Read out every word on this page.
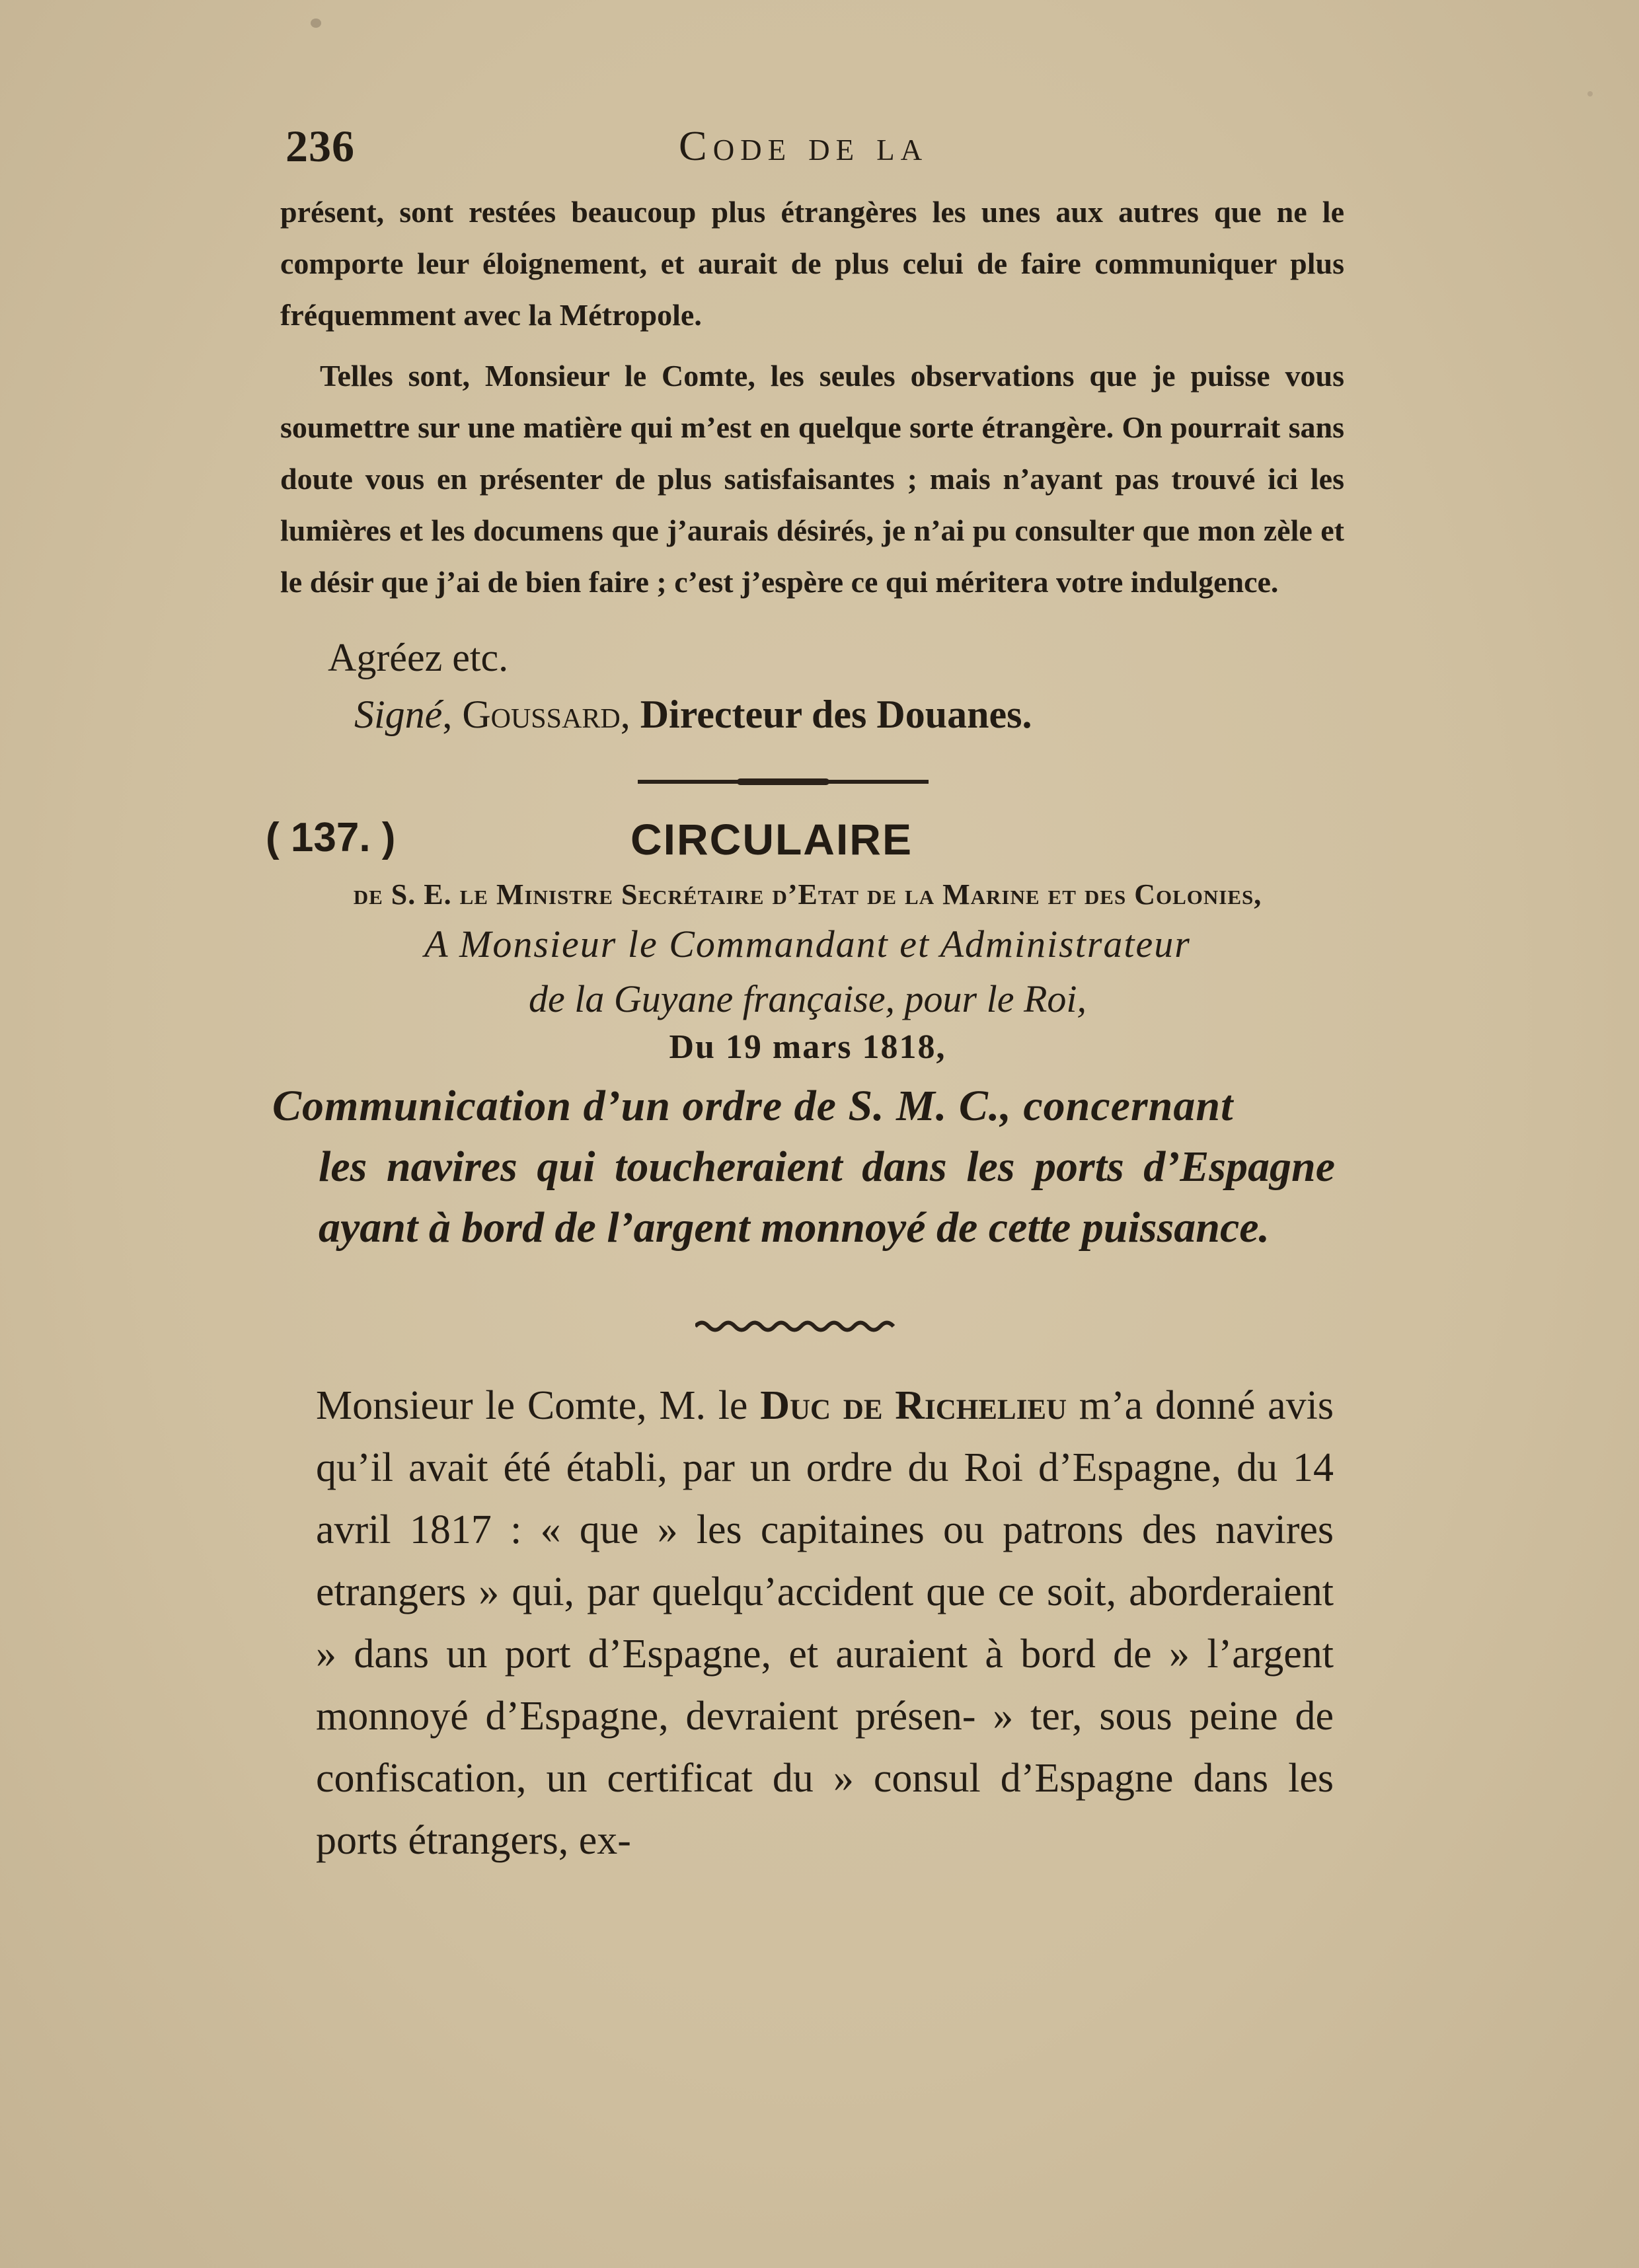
236	Code de la

présent, sont restées beaucoup plus étrangères les unes aux autres que ne le comporte leur éloignement, et aurait de plus celui de faire communiquer plus fréquemment avec la Métropole.

Telles sont, Monsieur le Comte, les seules observations que je puisse vous soumettre sur une matière qui m’est en quelque sorte étrangère. On pourrait sans doute vous en présenter de plus satisfaisantes ; mais n’ayant pas trouvé ici les lumières et les documens que j’aurais désirés, je n’ai pu consulter que mon zèle et le désir que j’ai de bien faire ; c’est j’espère ce qui méritera votre indulgence.

Agréez etc.
Signé, Goussard, Directeur des Douanes.
( 137. )	CIRCULAIRE
de S. E. le Ministre Secrétaire d’Etat de la Marine et des Colonies,
A Monsieur le Commandant et Administrateur
de la Guyane française, pour le Roi,
Du 19 mars 1818,
Communication d’un ordre de S. M. C., concernant
les navires qui toucheraient dans les ports d’Espagne ayant à bord de l’argent monnoyé de cette puissance.

Monsieur le Comte, M. le Duc de Richelieu m’a donné avis qu’il avait été établi, par un ordre du Roi d’Espagne, du 14 avril 1817 : « que » les capitaines ou patrons des navires etrangers » qui, par quelqu’accident que ce soit, aborderaient » dans un port d’Espagne, et auraient à bord de » l’argent monnoyé d’Espagne, devraient présen- » ter, sous peine de confiscation, un certificat du » consul d’Espagne dans les ports étrangers, ex-
